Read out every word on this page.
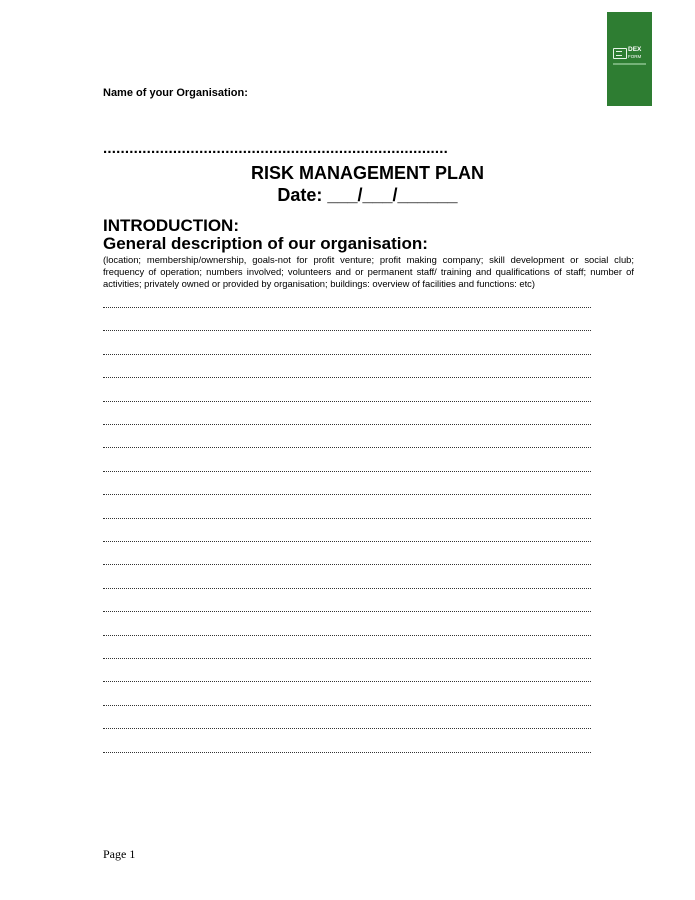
DEX
FORM
Name of your Organisation:
...............................................................................
RISK MANAGEMENT PLAN
Date: ___/___/______
INTRODUCTION:
General description of our organisation:
(location; membership/ownership, goals-not for profit venture; profit making company; skill development or social club; frequency of operation; numbers involved; volunteers and or permanent staff/ training and qualifications of staff; number of activities; privately owned or provided by organisation; buildings: overview of facilities and functions: etc)
Page 1
